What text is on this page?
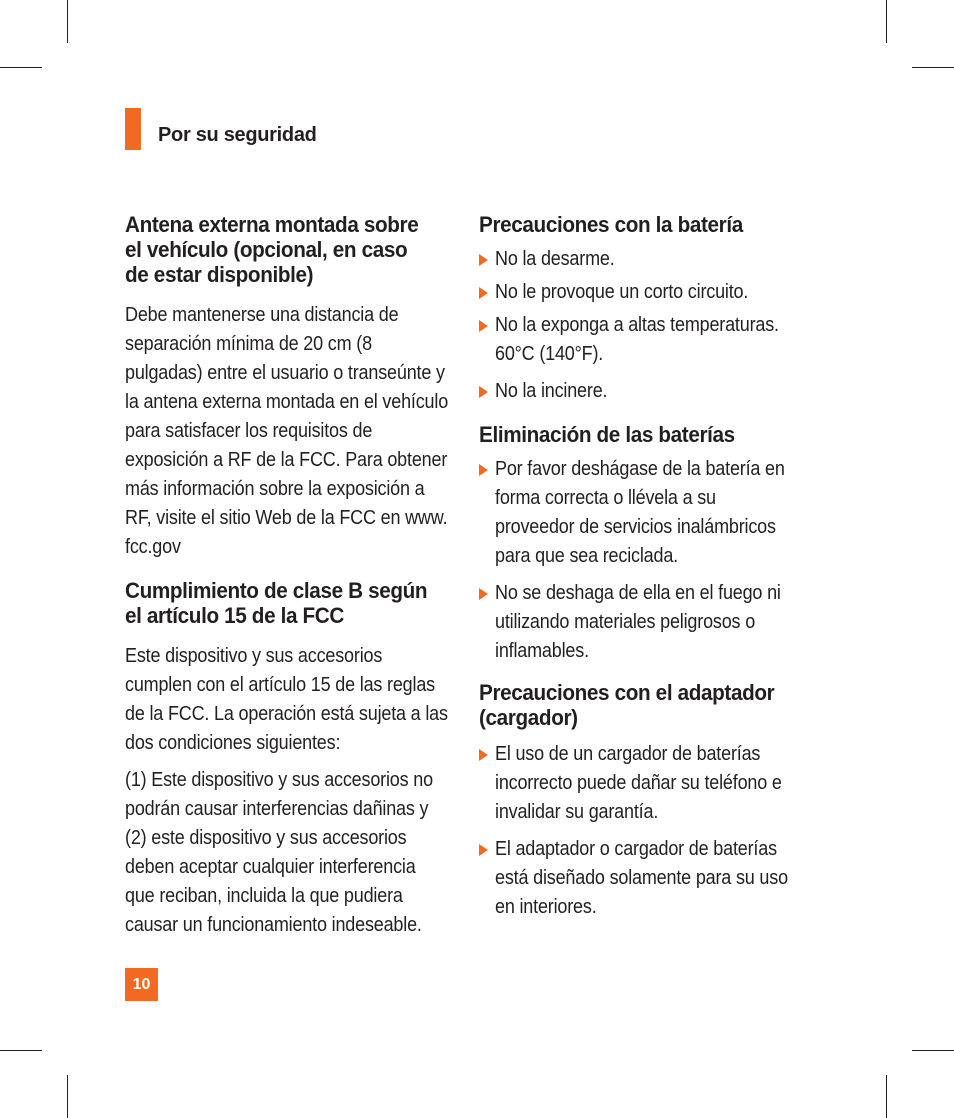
Por su seguridad
Antena externa montada sobre el vehículo (opcional, en caso de estar disponible)

Debe mantenerse una distancia de separación mínima de 20 cm (8 pulgadas) entre el usuario o transeúnte y la antena externa montada en el vehículo para satisfacer los requisitos de exposición a RF de la FCC. Para obtener más información sobre la exposición a RF, visite el sitio Web de la FCC en www. fcc.gov

Cumplimiento de clase B según el artículo 15 de la FCC

Este dispositivo y sus accesorios cumplen con el artículo 15 de las reglas de la FCC. La operación está sujeta a las dos condiciones siguientes:

(1) Este dispositivo y sus accesorios no podrán causar interferencias dañinas y (2) este dispositivo y sus accesorios deben aceptar cualquier interferencia que reciban, incluida la que pudiera causar un funcionamiento indeseable.

Precauciones con la batería

No la desarme.

No le provoque un corto circuito.

No la exponga a altas temperaturas. 60°C (140°F).

No la incinere.

Eliminación de las baterías

Por favor deshágase de la batería en forma correcta o llévela a su proveedor de servicios inalámbricos para que sea reciclada.

No se deshaga de ella en el fuego ni utilizando materiales peligrosos o inflamables.

Precauciones con el adaptador (cargador)

El uso de un cargador de baterías incorrecto puede dañar su teléfono e invalidar su garantía.

El adaptador o cargador de baterías está diseñado solamente para su uso en interiores.

10
